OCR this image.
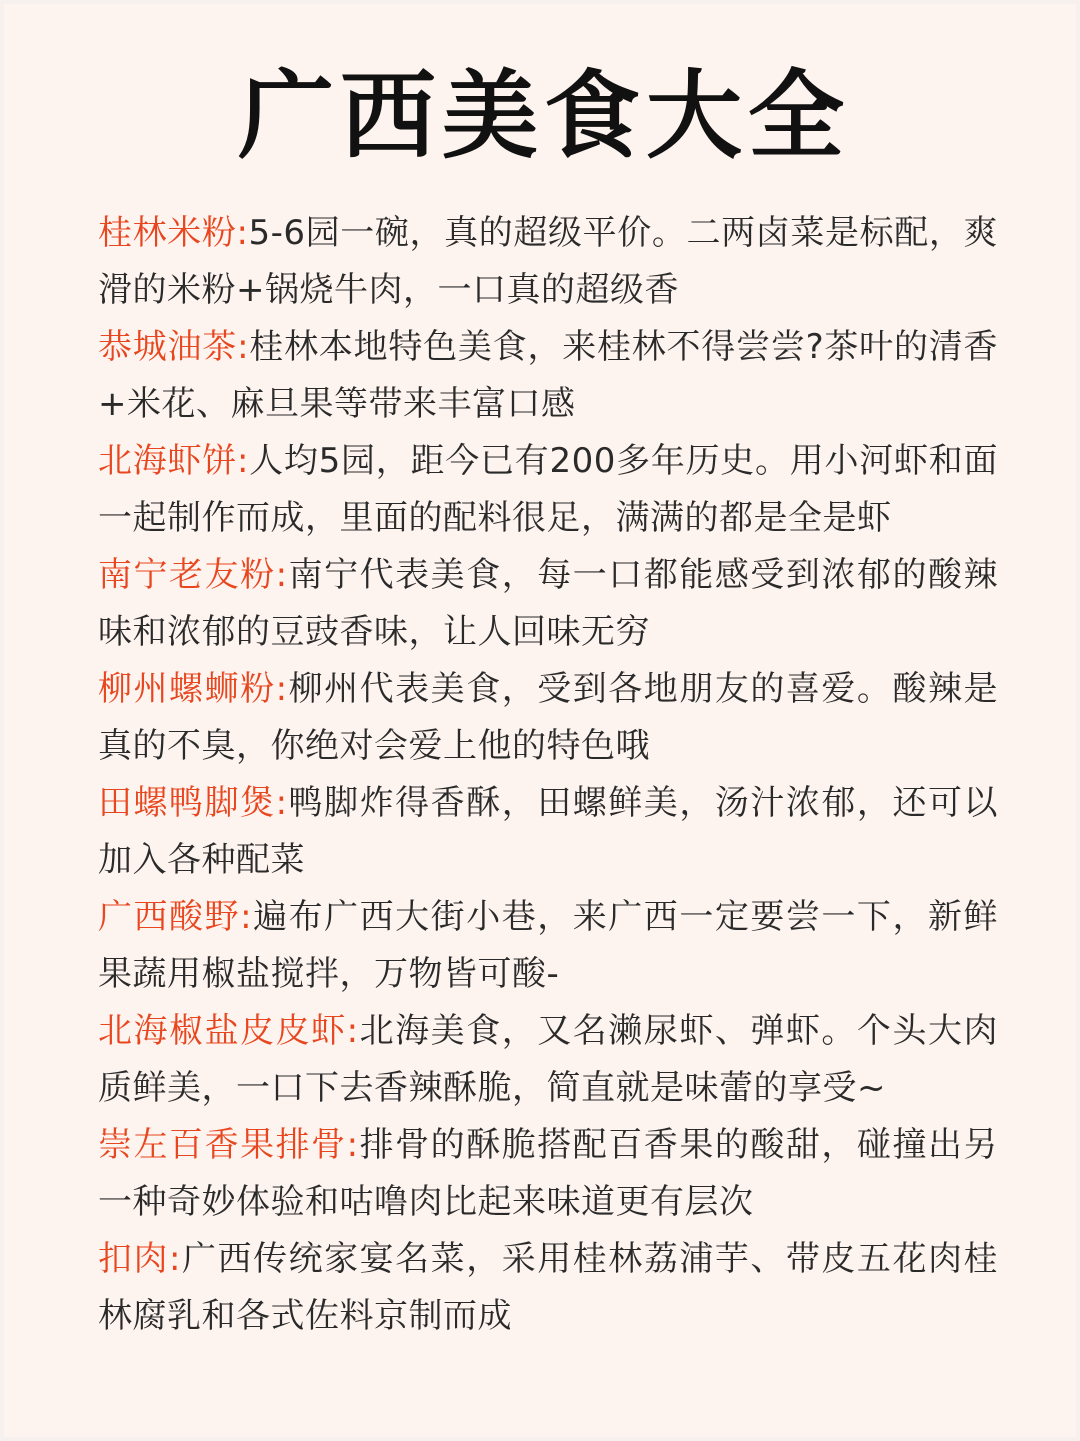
广西美食大全

桂林米粉:5-6园一碗，真的超级平价。二两卤菜是标配，爽滑的米粉+锅烧牛肉，一口真的超级香

恭城油茶:桂林本地特色美食，来桂林不得尝尝?茶叶的清香+米花、麻旦果等带来丰富口感

北海虾饼:人均5园，距今已有200多年历史。用小河虾和面一起制作而成，里面的配料很足，满满的都是全是虾

南宁老友粉:南宁代表美食，每一口都能感受到浓郁的酸辣味和浓郁的豆豉香味，让人回味无穷

柳州螺蛳粉:柳州代表美食，受到各地朋友的喜爱。酸辣是真的不臭，你绝对会爱上他的特色哦

田螺鸭脚煲:鸭脚炸得香酥，田螺鲜美，汤汁浓郁，还可以加入各种配菜

广西酸野:遍布广西大街小巷，来广西一定要尝一下，新鲜果蔬用椒盐搅拌，万物皆可酸-

北海椒盐皮皮虾:北海美食，又名濑尿虾、弹虾。个头大肉质鲜美，一口下去香辣酥脆，简直就是味蕾的享受~

崇左百香果排骨:排骨的酥脆搭配百香果的酸甜，碰撞出另一种奇妙体验和咕噜肉比起来味道更有层次

扣肉:广西传统家宴名菜，采用桂林荔浦芋、带皮五花肉桂林腐乳和各式佐料京制而成
